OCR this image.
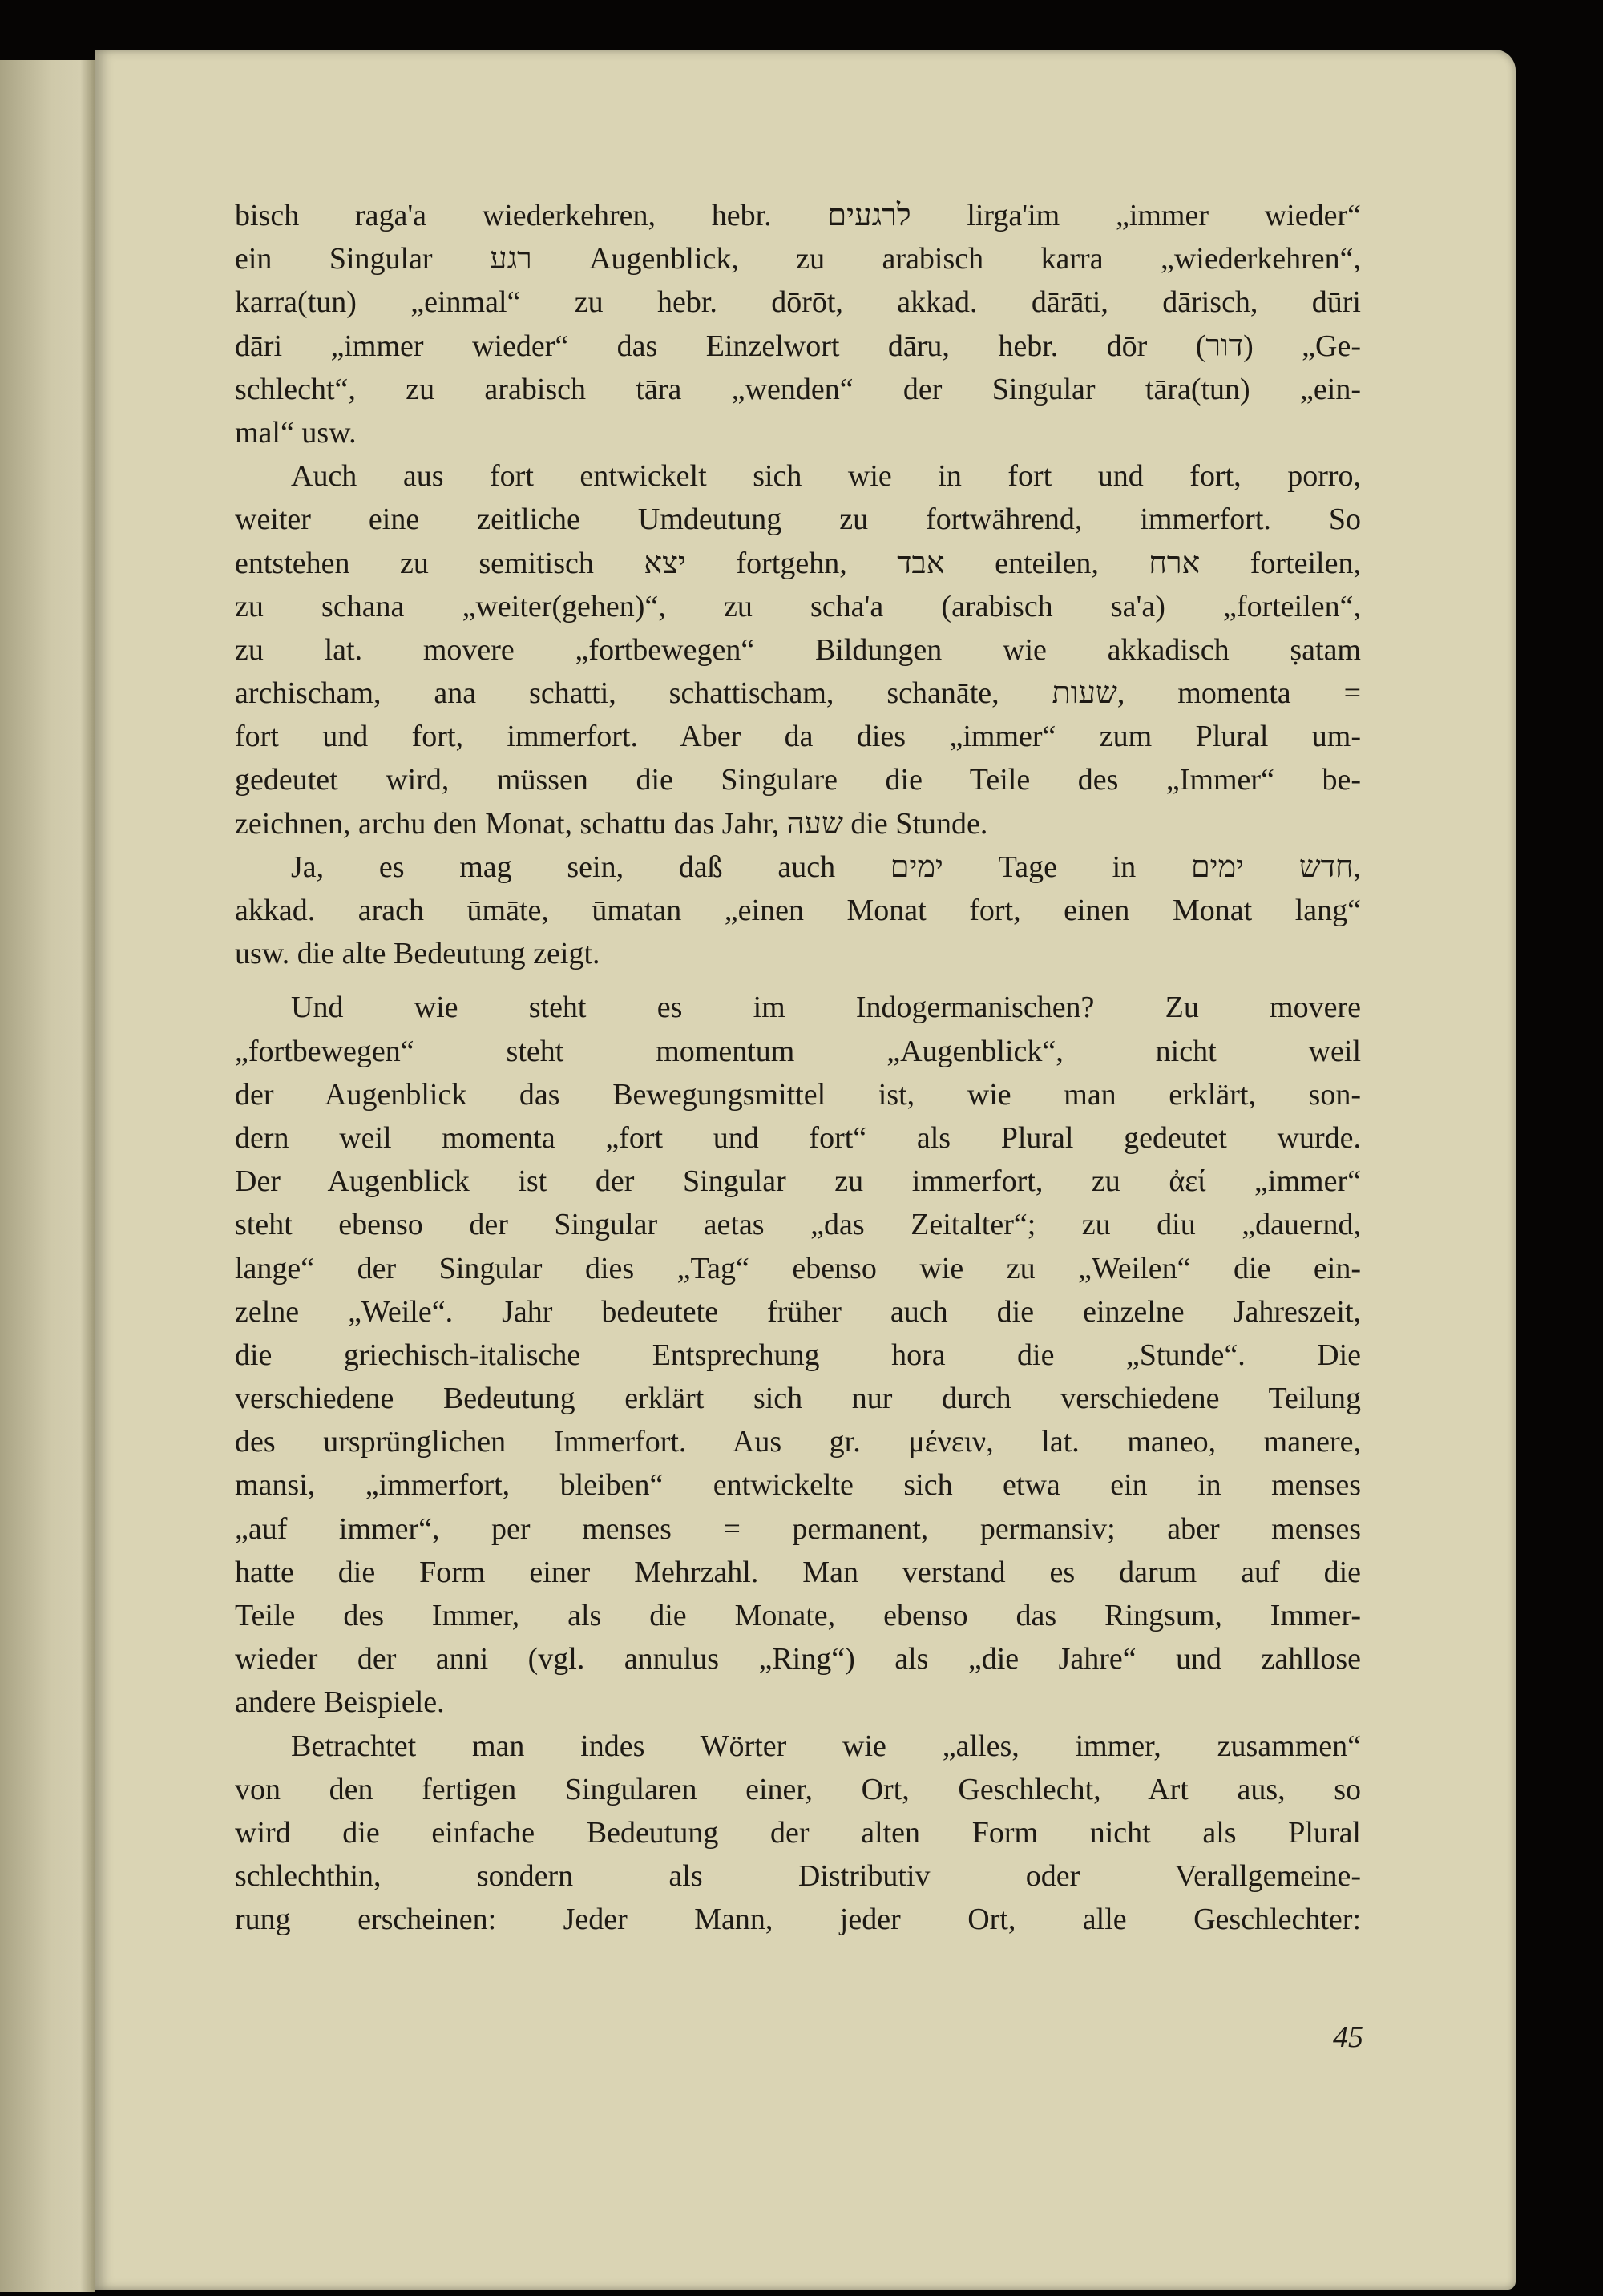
bisch raga'a wiederkehren, hebr. לרגעים lirga'im „immer wieder“
ein Singular רגע Augenblick, zu arabisch karra „wiederkehren“,
karra(tun) „einmal“ zu hebr. dōrōt, akkad. dārāti, dārisch, dūri
dāri „immer wieder“ das Einzelwort dāru, hebr. dōr (דור) „Ge-
schlecht“, zu arabisch tāra „wenden“ der Singular tāra(tun) „ein-
mal“ usw.
Auch aus fort entwickelt sich wie in fort und fort, porro,
weiter eine zeitliche Umdeutung zu fortwährend, immerfort. So
entstehen zu semitisch יצא fortgehn, אבד enteilen, ארח forteilen,
zu schana „weiter(gehen)“, zu scha'a (arabisch sa'a) „forteilen“,
zu lat. movere „fortbewegen“ Bildungen wie akkadisch ṣatam
archischam, ana schatti, schattischam, schanāte, שעות, momenta =
fort und fort, immerfort. Aber da dies „immer“ zum Plural um-
gedeutet wird, müssen die Singulare die Teile des „Immer“ be-
zeichnen, archu den Monat, schattu das Jahr, שעה die Stunde.
Ja, es mag sein, daß auch ימים Tage in חדש ימים,
akkad. arach ūmāte, ūmatan „einen Monat fort, einen Monat lang“
usw. die alte Bedeutung zeigt.
Und wie steht es im Indogermanischen? Zu movere
„fortbewegen“ steht momentum „Augenblick“, nicht weil
der Augenblick das Bewegungsmittel ist, wie man erklärt, son-
dern weil momenta „fort und fort“ als Plural gedeutet wurde.
Der Augenblick ist der Singular zu immerfort, zu ἀεί „immer“
steht ebenso der Singular aetas „das Zeitalter“; zu diu „dauernd,
lange“ der Singular dies „Tag“ ebenso wie zu „Weilen“ die ein-
zelne „Weile“. Jahr bedeutete früher auch die einzelne Jahreszeit,
die griechisch-italische Entsprechung hora die „Stunde“. Die
verschiedene Bedeutung erklärt sich nur durch verschiedene Teilung
des ursprünglichen Immerfort. Aus gr. μένειν, lat. maneo, manere,
mansi, „immerfort, bleiben“ entwickelte sich etwa ein in menses
„auf immer“, per menses = permanent, permansiv; aber menses
hatte die Form einer Mehrzahl. Man verstand es darum auf die
Teile des Immer, als die Monate, ebenso das Ringsum, Immer-
wieder der anni (vgl. annulus „Ring“) als „die Jahre“ und zahllose
andere Beispiele.
Betrachtet man indes Wörter wie „alles, immer, zusammen“
von den fertigen Singularen einer, Ort, Geschlecht, Art aus, so
wird die einfache Bedeutung der alten Form nicht als Plural
schlechthin, sondern als Distributiv oder Verallgemeine-
rung erscheinen: Jeder Mann, jeder Ort, alle Geschlechter:
45
